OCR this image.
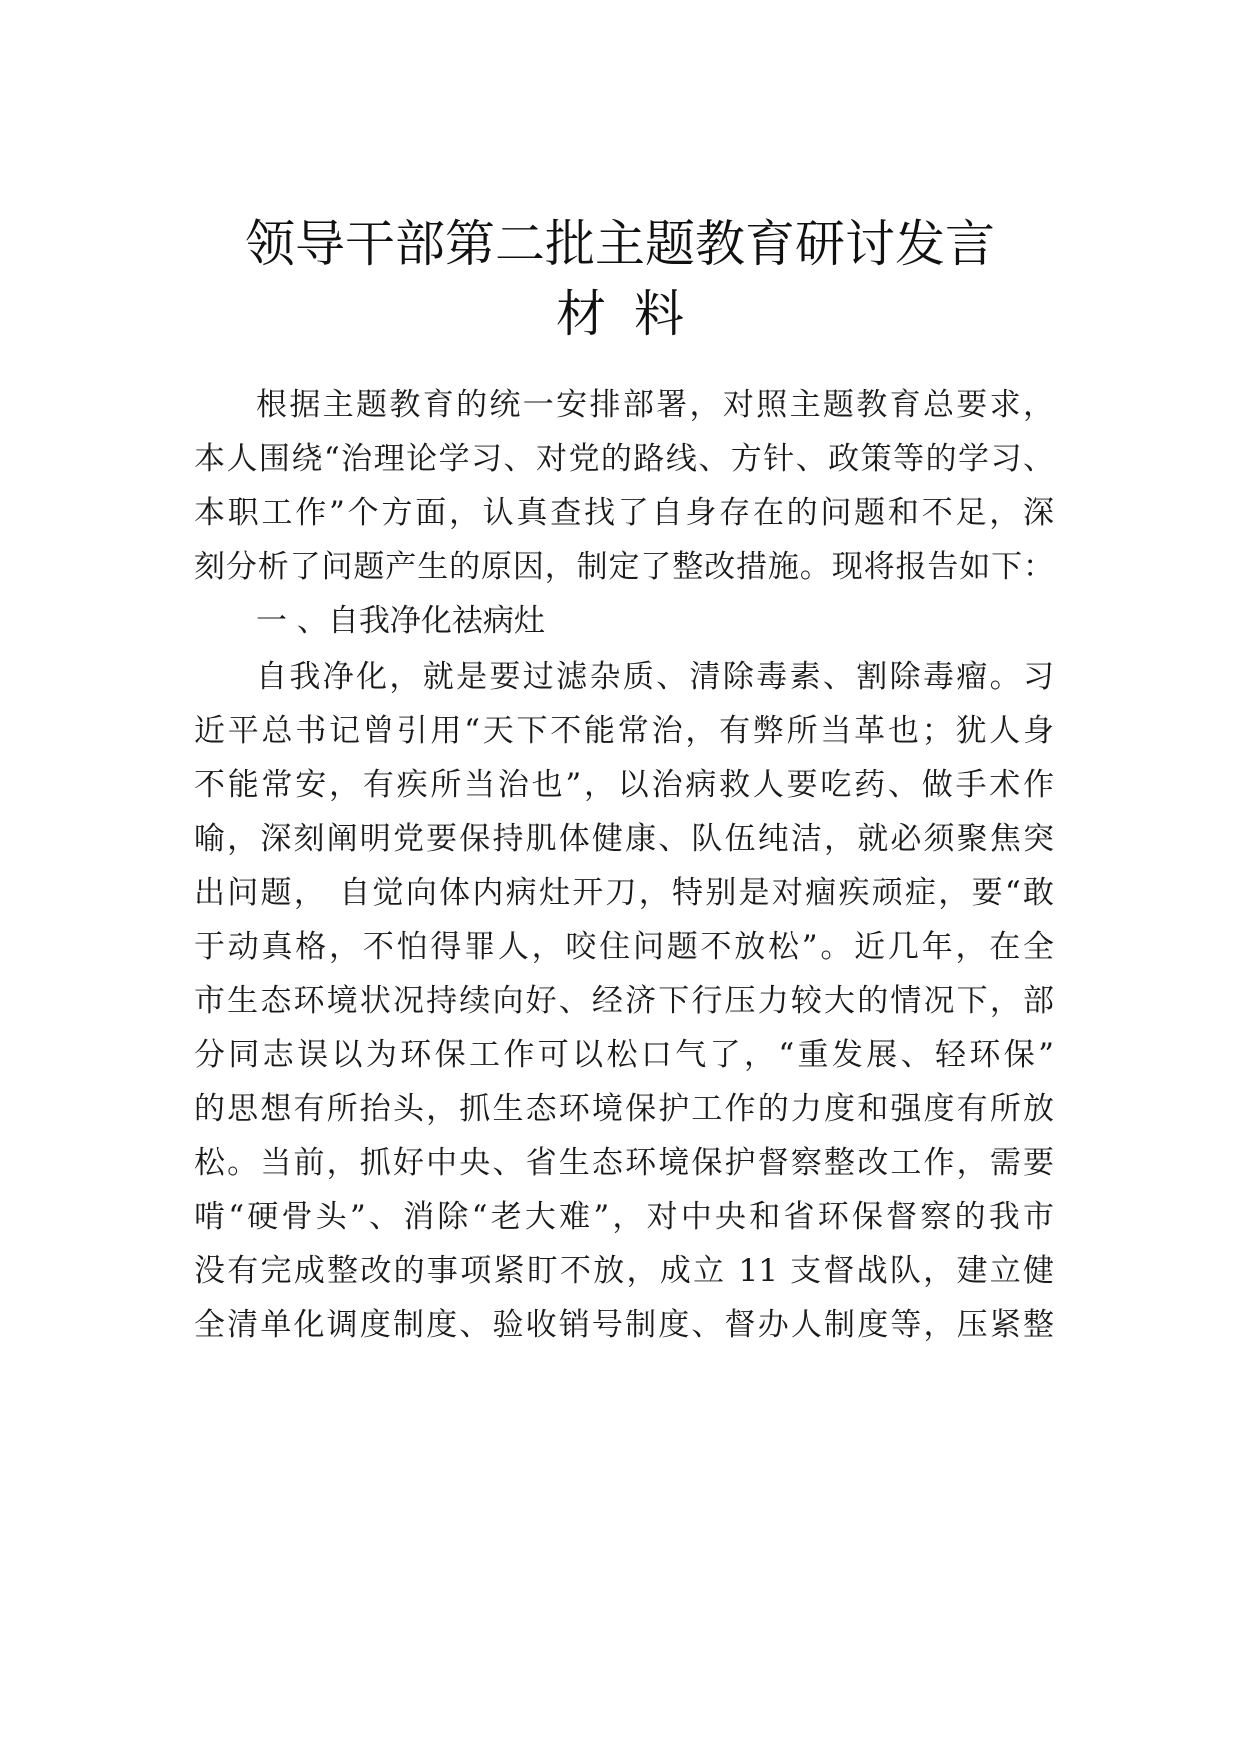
领导干部第二批主题教育研讨发言
材料
根据主题教育的统一安排部署，对照主题教育总要求，
本人围绕“治理论学习、对党的路线、方针、政策等的学习、
本职工作”个方面，认真查找了自身存在的问题和不足，深
刻分析了问题产生的原因，制定了整改措施。现将报告如下：
一 、自我净化祛病灶
自我净化，就是要过滤杂质、清除毒素、割除毒瘤。习
近平总书记曾引用“天下不能常治，有弊所当革也；犹人身
不能常安，有疾所当治也”，以治病救人要吃药、做手术作
喻，深刻阐明党要保持肌体健康、队伍纯洁，就必须聚焦突
出问题， 自觉向体内病灶开刀，特别是对痼疾顽症，要“敢
于动真格，不怕得罪人，咬住问题不放松”。近几年，在全
市生态环境状况持续向好、经济下行压力较大的情况下，部
分同志误以为环保工作可以松口气了，“重发展、轻环保”
的思想有所抬头，抓生态环境保护工作的力度和强度有所放
松。当前，抓好中央、省生态环境保护督察整改工作，需要
啃“硬骨头”、消除“老大难”，对中央和省环保督察的我市
没有完成整改的事项紧盯不放，成立 11 支督战队，建立健
全清单化调度制度、验收销号制度、督办人制度等，压紧整
